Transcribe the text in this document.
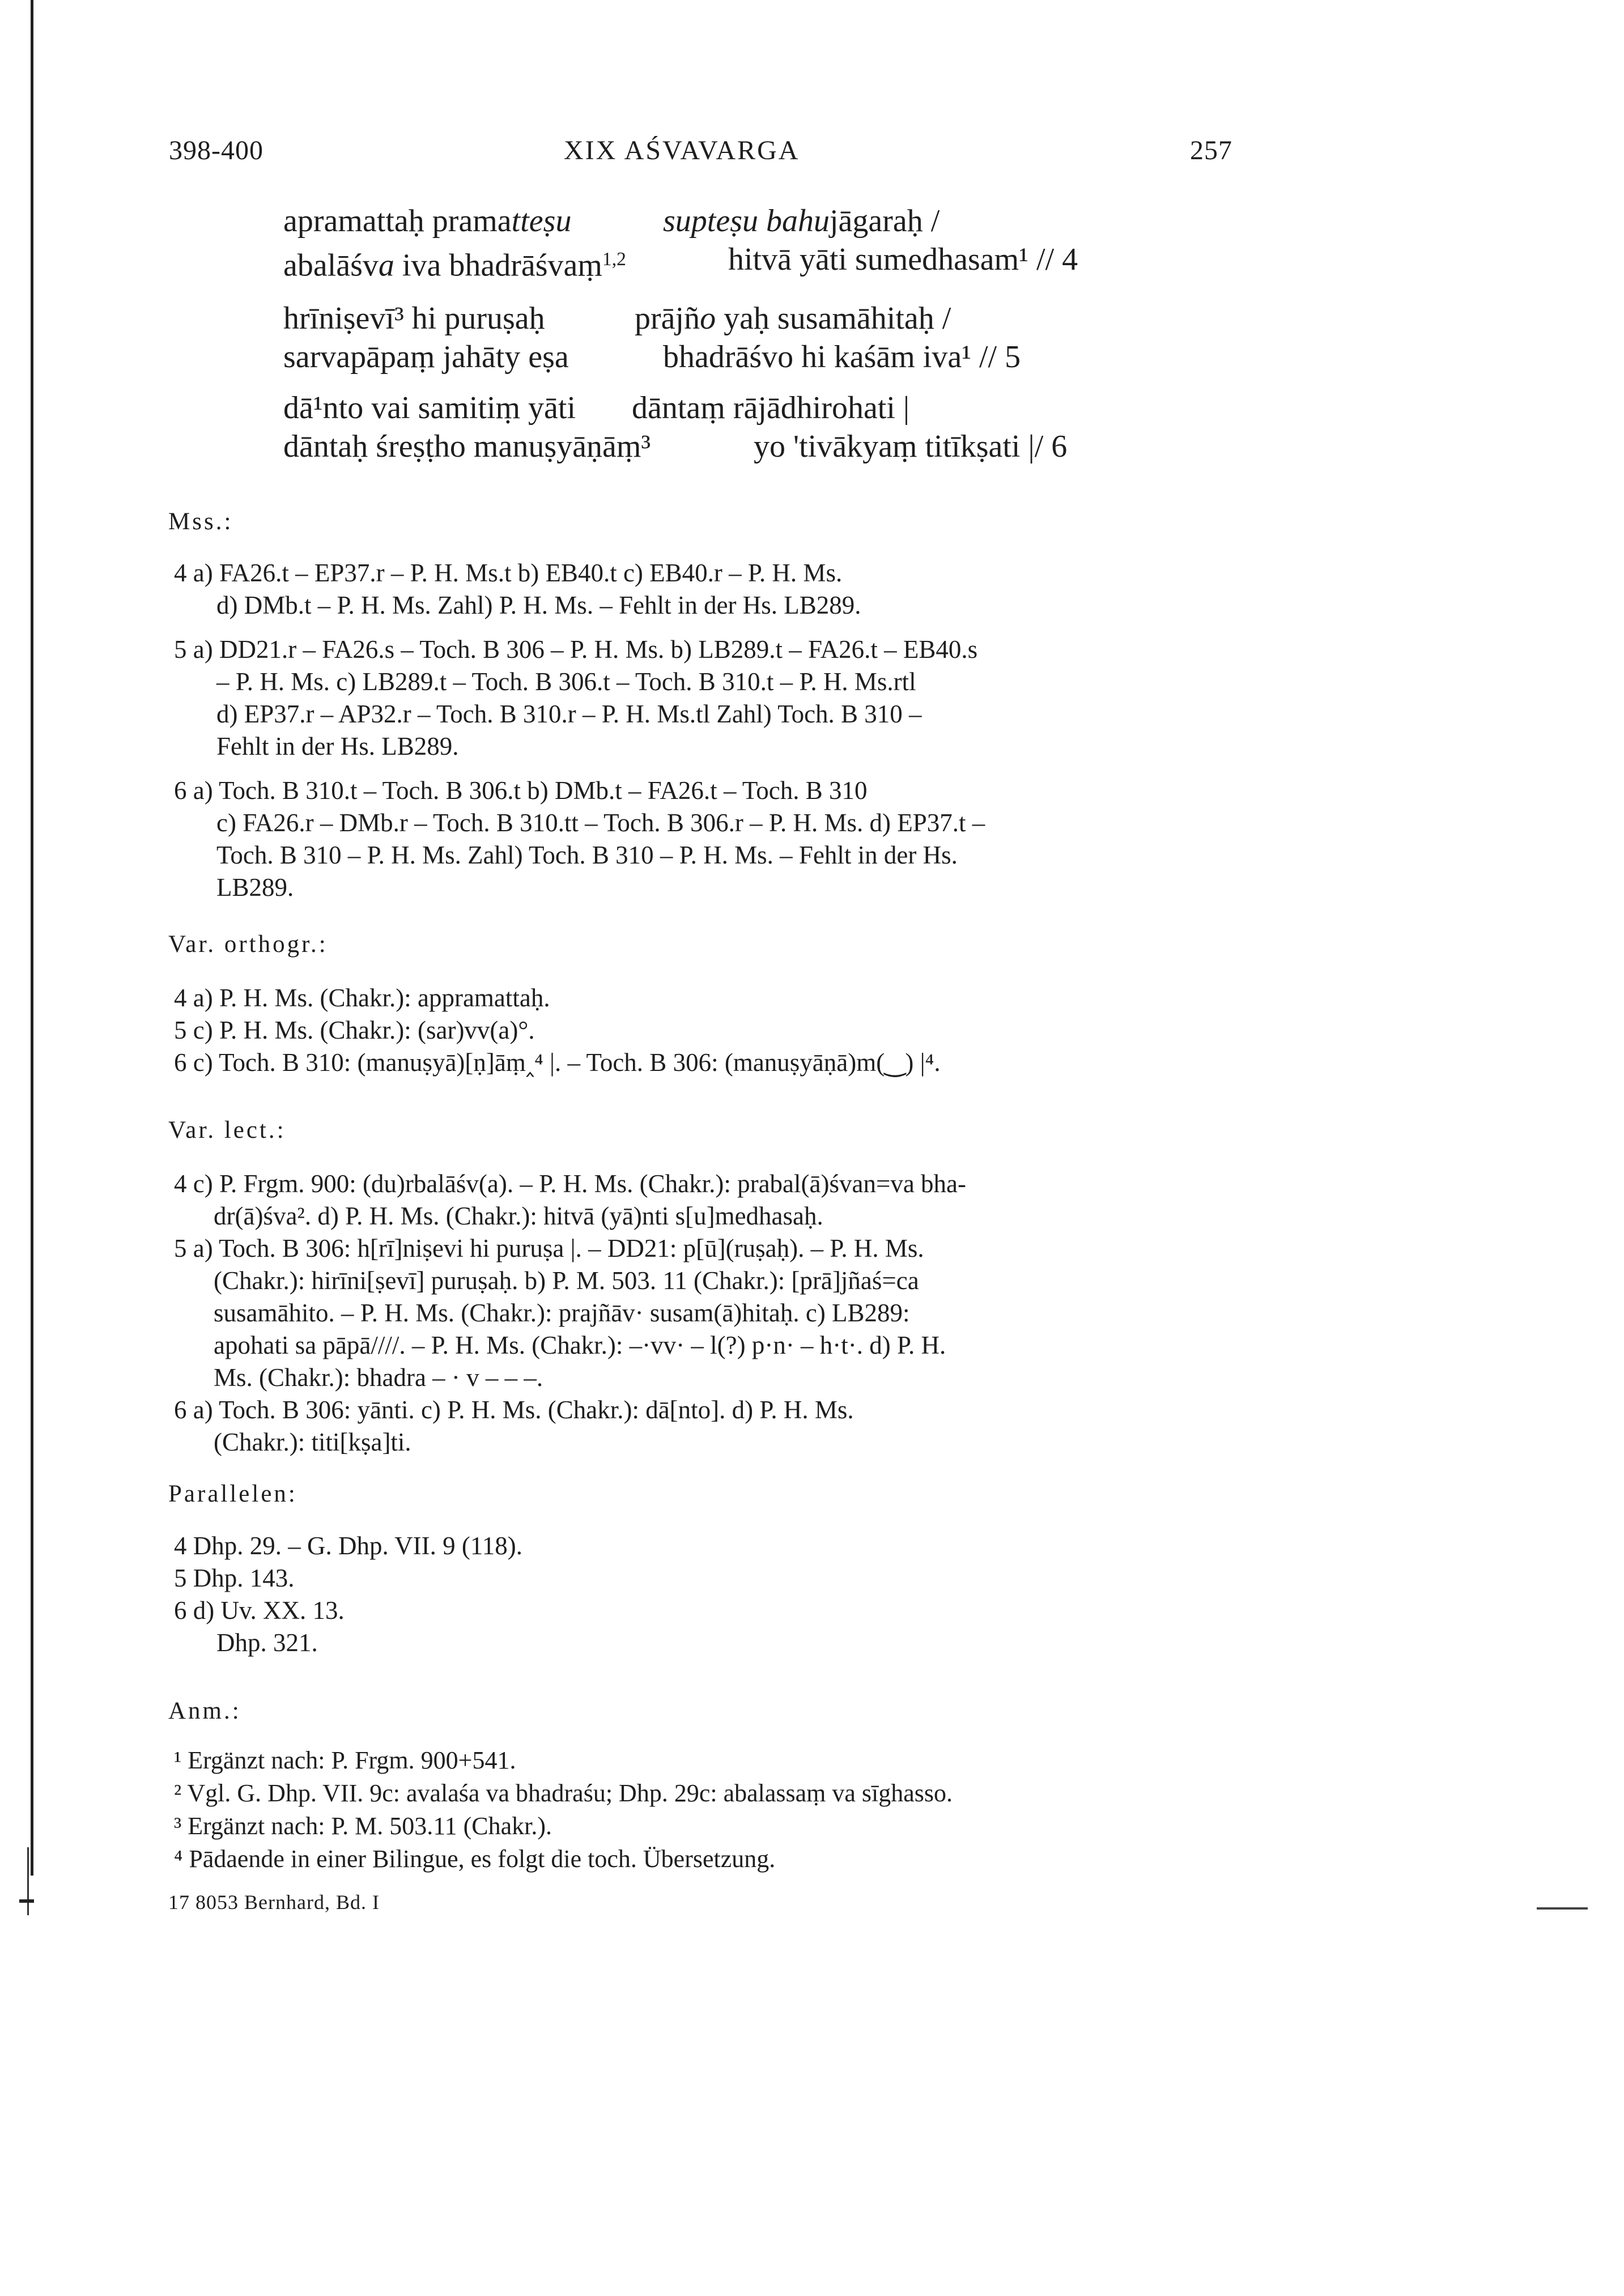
398-400	XIX AŚVAVARGA	257
apramattaḥ pramatteṣu	supteṣu bahujāgaraḥ /
abalāśva iva bhadrāśvaṃ$^{1,2}$	hitvā yāti sumedhasam¹ // 4
hrīniṣevī³ hi puruṣaḥ	prājño yaḥ susamāhitaḥ /
sarvapāpaṃ jahāty eṣa	bhadrāśvo hi kaśām iva¹ // 5
dā¹nto vai samitiṃ yāti dāntaṃ rājādhirohati |
dāntaḥ śreṣṭho manuṣyāṇāṃ³	yo 'tivākyaṃ titīkṣati |/ 6
Mss.:
4 a) FA26.t – EP37.r – P. H. Ms.t b) EB40.t c) EB40.r – P. H. Ms.
d) DMb.t – P. H. Ms. Zahl) P. H. Ms. – Fehlt in der Hs. LB289.
5 a) DD21.r – FA26.s – Toch. B 306 – P. H. Ms. b) LB289.t – FA26.t – EB40.s
– P. H. Ms. c) LB289.t – Toch. B 306.t – Toch. B 310.t – P. H. Ms.rtl
d) EP37.r – AP32.r – Toch. B 310.r – P. H. Ms.tl Zahl) Toch. B 310 –
Fehlt in der Hs. LB289.
6 a) Toch. B 310.t – Toch. B 306.t b) DMb.t – FA26.t – Toch. B 310
c) FA26.r – DMb.r – Toch. B 310.tt – Toch. B 306.r – P. H. Ms. d) EP37.t –
Toch. B 310 – P. H. Ms. Zahl) Toch. B 310 – P. H. Ms. – Fehlt in der Hs.
LB289.
Var. orthogr.:
4 a) P. H. Ms. (Chakr.): appramattaḥ.
5 c) P. H. Ms. (Chakr.): (sar)vv(a)°.
6 c) Toch. B 310: (manuṣyā)[ṇ]āṃ‸⁴ |. – Toch. B 306: (manuṣyāṇā)m(‿) |⁴.
Var. lect.:
4 c) P. Frgm. 900: (du)rbalāśv(a). – P. H. Ms. (Chakr.): prabal(ā)śvan=va bha-
dr(ā)śva². d) P. H. Ms. (Chakr.): hitvā (yā)nti s[u]medhasaḥ.
5 a) Toch. B 306: h[rī]niṣevi hi puruṣa |. – DD21: p[ū](ruṣaḥ). – P. H. Ms.
(Chakr.): hirīni[ṣevī] puruṣaḥ. b) P. M. 503. 11 (Chakr.): [prā]jñaś=ca
susamāhito. – P. H. Ms. (Chakr.): prajñāv· susam(ā)hitaḥ. c) LB289:
apohati sa pāpā////. – P. H. Ms. (Chakr.): –·vv· – l(?) p·n· – h·t·. d) P. H.
Ms. (Chakr.): bhadra – · v – – –.
6 a) Toch. B 306: yānti. c) P. H. Ms. (Chakr.): dā[nto]. d) P. H. Ms.
(Chakr.): titi[kṣa]ti.
Parallelen:
4 Dhp. 29. – G. Dhp. VII. 9 (118).
5 Dhp. 143.
6 d) Uv. XX. 13.
Dhp. 321.
Anm.:
¹ Ergänzt nach: P. Frgm. 900+541.
² Vgl. G. Dhp. VII. 9c: avalaśa va bhadraśu; Dhp. 29c: abalassaṃ va sīghasso.
³ Ergänzt nach: P. M. 503.11 (Chakr.).
⁴ Pādaende in einer Bilingue, es folgt die toch. Übersetzung.
17 8053 Bernhard, Bd. I
